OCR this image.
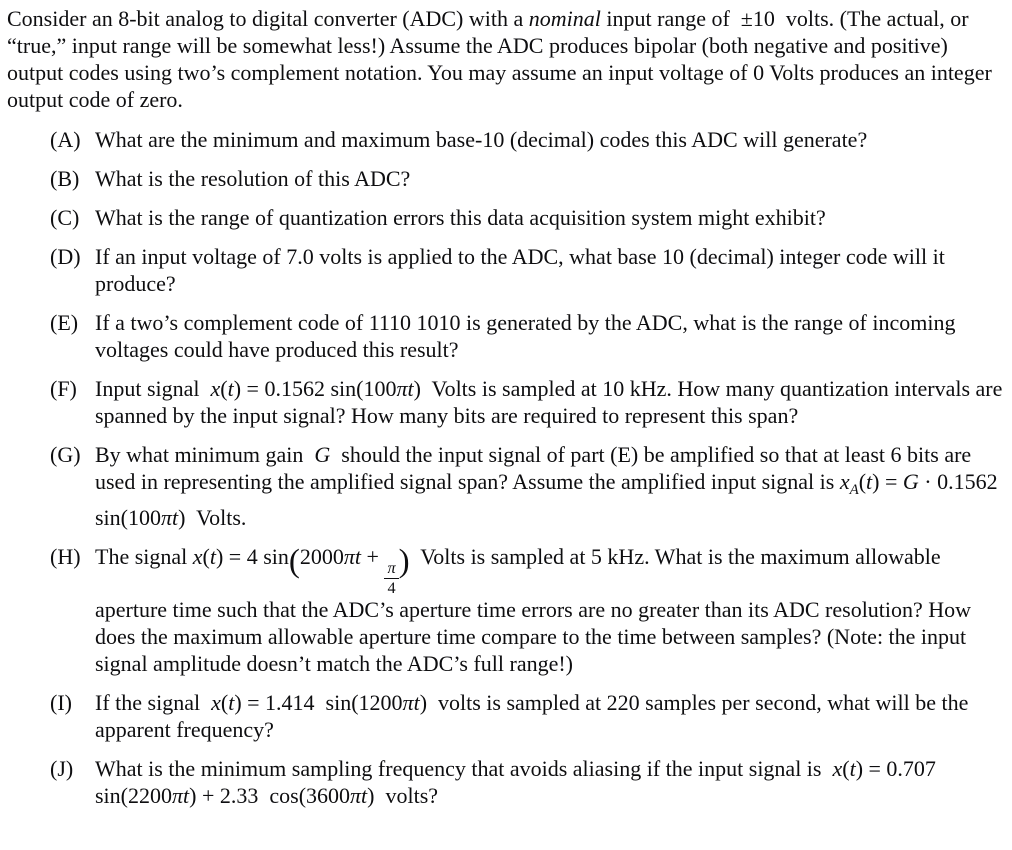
Consider an 8-bit analog to digital converter (ADC) with a nominal input range of  ±10  volts. (The actual, or “true,” input range will be somewhat less!) Assume the ADC produces bipolar (both negative and positive) output codes using two’s complement notation. You may assume an input voltage of 0 Volts produces an integer output code of zero.

(A) What are the minimum and maximum base-10 (decimal) codes this ADC will generate?
(B) What is the resolution of this ADC?
(C) What is the range of quantization errors this data acquisition system might exhibit?
(D) If an input voltage of 7.0 volts is applied to the ADC, what base 10 (decimal) integer code will it produce?
(E) If a two’s complement code of 1110 1010 is generated by the ADC, what is the range of incoming voltages could have produced this result?
(F) Input signal  x(t) = 0.1562 sin(100πt)  Volts is sampled at 10 kHz. How many quantization intervals are spanned by the input signal? How many bits are required to represent this span?
(G) By what minimum gain  G  should the input signal of part (E) be amplified so that at least 6 bits are used in representing the amplified signal span? Assume the amplified input signal is $x_A(t) = G \cdot 0.1562$ sin(100πt)  Volts.
(H) The signal x(t) = 4 sin(2000πt +
$\frac{\pi}{4}$ )  Volts is sampled at 5 kHz. What is the maximum allowable aperture time such that the ADC’s aperture time errors are no greater than its ADC resolution? How does the maximum allowable aperture time compare to the time between samples? (Note: the input signal amplitude doesn’t match the ADC’s full range!)
(I) If the signal  x(t) = 1.414  sin(1200πt)  volts is sampled at 220 samples per second, what will be the apparent frequency?
(J) What is the minimum sampling frequency that avoids aliasing if the input signal is  x(t) = 0.707 sin(2200πt) + 2.33  cos(3600πt)  volts?
